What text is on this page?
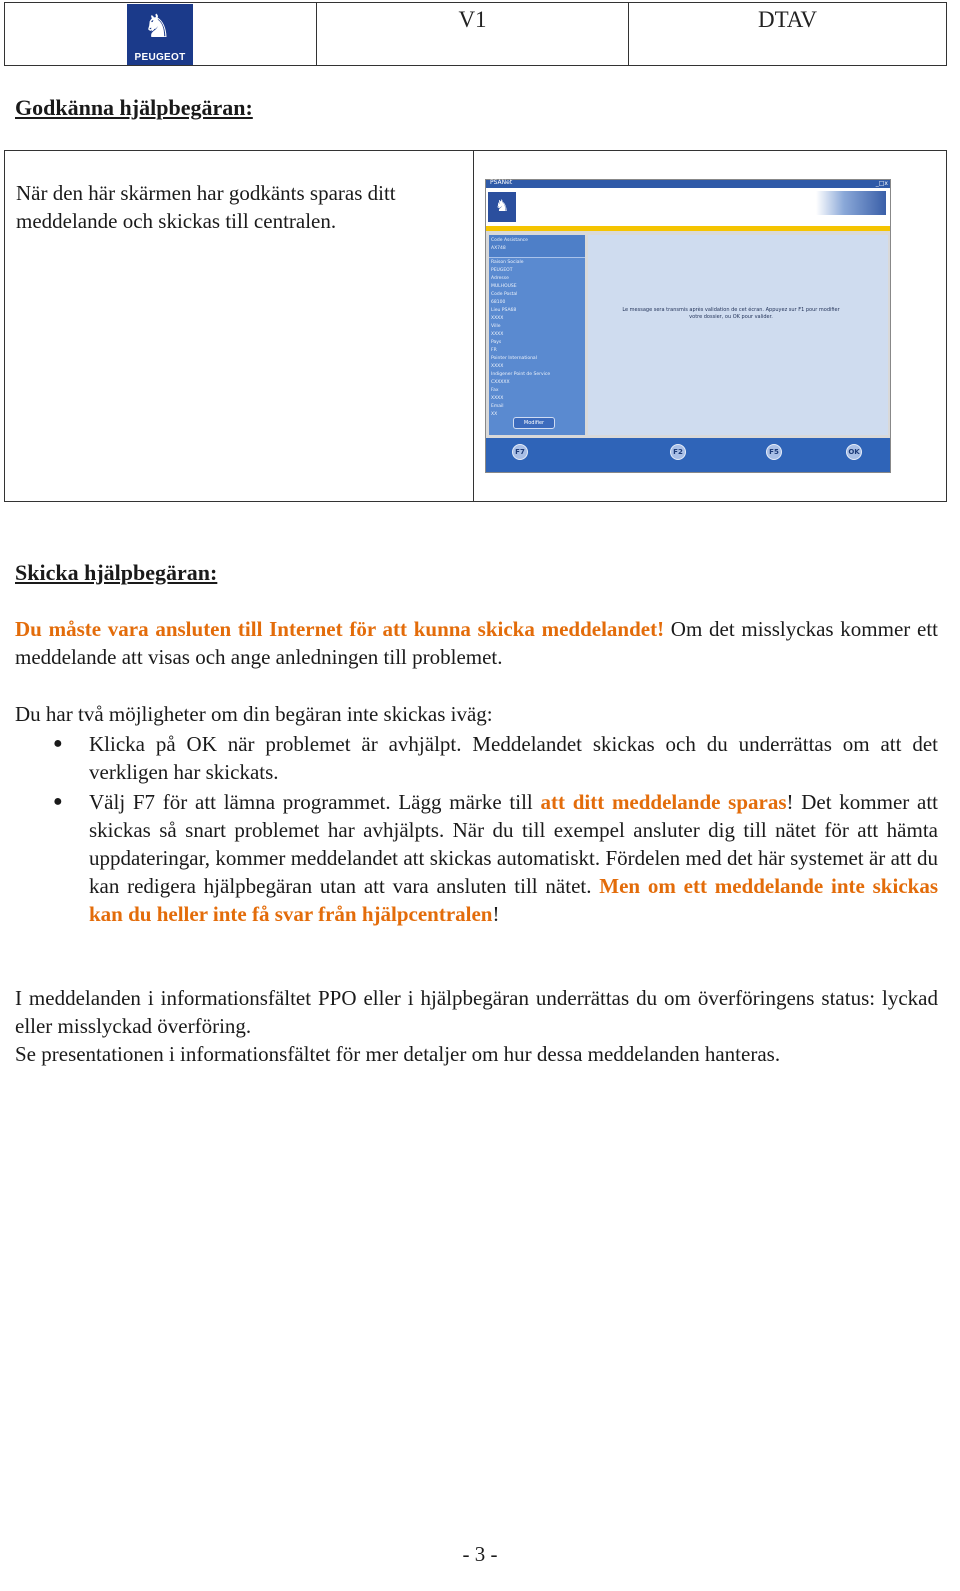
♞
PEUGEOT
V1	DTAV
Godkänna hjälpbegäran:
När den här skärmen har godkänts sparas ditt meddelande och skickas till centralen.
PSANet	_□x
♞
Code Assistance
AX748
Raison Sociale
PEUGEOT
Adresse
MULHOUSE
Code Postal
68100
Lieu PSA68
XXXX
Ville
XXXX
Pays
FR
Pointer International
XXXX
Indigener Point de Service
CXXXXX
Fax
XXXX
Email
XX
Modifier
Le message sera transmis après validation de cet écran. Appuyez sur F1 pour modifier votre dossier, ou OK pour valider.
F7	F2	F5	OK
Skicka hjälpbegäran:
Du måste vara ansluten till Internet för att kunna skicka meddelandet! Om det misslyckas kommer ett meddelande att visas och ange anledningen till problemet.
Du har två möjligheter om din begäran inte skickas iväg:
● Klicka på OK när problemet är avhjälpt. Meddelandet skickas och du underrättas om att det verkligen har skickats.
● Välj F7 för att lämna programmet. Lägg märke till att ditt meddelande sparas! Det kommer att skickas så snart problemet har avhjälpts. När du till exempel ansluter dig till nätet för att hämta uppdateringar, kommer meddelandet att skickas automatiskt. Fördelen med det här systemet är att du kan redigera hjälpbegäran utan att vara ansluten till nätet. Men om ett meddelande inte skickas kan du heller inte få svar från hjälpcentralen!
I meddelanden i informationsfältet PPO eller i hjälpbegäran underrättas du om överföringens status: lyckad eller misslyckad överföring.
Se presentationen i informationsfältet för mer detaljer om hur dessa meddelanden hanteras.
- 3 -
